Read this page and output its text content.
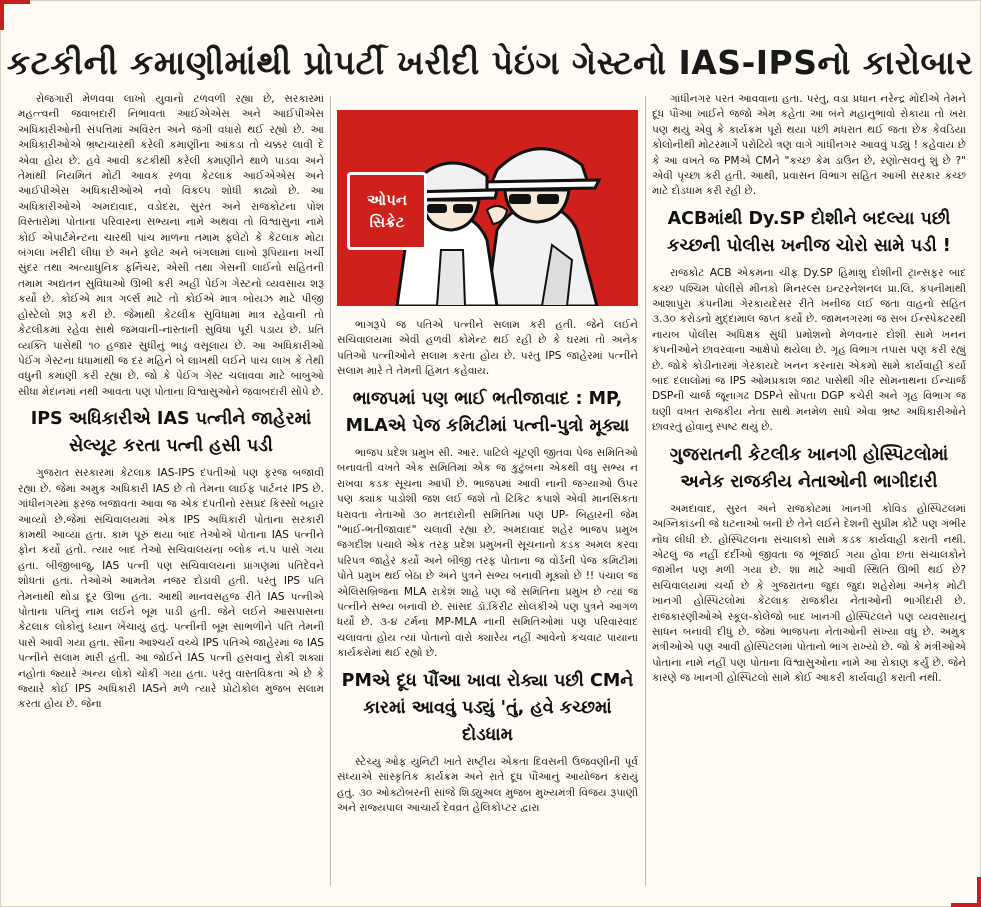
કટકીની કમાણીમાંથી પ્રોપર્ટી ખરીદી પેઇંગ ગેસ્ટનો IAS-IPSનો કારોબાર

રોજગારી મેળવવા લાખો યુવાનો ટળવળી રહ્યા છે, સરકારમાં મહત્ત્વની જવાબદારી નિભાવતા આઈએએસ અને આઈપીએસ અધિકારીઓની સંપત્તિમાં અવિરત અને જંગી વધારો થઈ રહ્યો છે. આ અધિકારીઓએ ભ્રષ્ટાચારથી કરેલી કમાણીના આંકડા તો ચક્કર લાવી દે એવા હોય છે. હવે આવી કટકીથી કરેલી કમાણીને થાળે પાડવા અને તેમાંથી નિયમિત મોટી આવક રળવા કેટલાક આઈએએસ અને આઈપીએસ અધિકારીઓએ નવો વિકલ્પ શોધી કાઢ્યો છે. આ અધિકારીઓએ અમદાવાદ, વડોદરા, સુરત અને રાજકોટના પોશ વિસ્તારોમાં પોતાના પરિવારના સભ્યના નામે અથવા તો વિશ્વાસુના નામે કોઈ એપાર્ટમેન્ટના ચારથી પાંચ માળના તમામ ફ્લેટો કે કેટલાક મોટા બંગલા ખરીદી લીધા છે અને ફ્લેટ અને બંગલામાં લાખો રૂપિયાના ખર્ચી સુંદર તથા અત્યાધુનિક ફર્નિચર, એસી તથા ગેસની લાઈનો સહિતની તમામ અદ્યતન સુવિધાઓ ઊભી કરી અહીં પેઈંગ ગેસ્ટનો વ્યવસાય શરૂ કર્યો છે. કોઈએ માત્ર ગર્લ્સ માટે તો કોઈએ માત્ર બોયઝ માટે પીજી હોસ્ટેલો શરૂ કરી છે. જેમાંથી કેટલીક સુવિધામાં માત્ર રહેવાની તો કેટલીકમાં રહેવા સાથે જમવાની-નાસ્તાની સુવિધા પૂરી પડાય છે. પ્રતિ વ્યક્તિ પાસેથી ૧૦ હજાર સુધીનું ભાડું વસૂલાય છે. આ અધિકારીઓ પેઈંગ ગેસ્ટના ધંધામાંથી જ દર મહિને બે લાખથી લઈને પાંચ લાખ કે તેથી વધુની કમાણી કરી રહ્યા છે. જો કે પેઈંગ ગેસ્ટ ચલાવવા માટે બાબુઓ સીધા મેદાનમાં નથી આવતા પણ પોતાના વિશ્વાસુઓને જવાબદારી સોંપે છે.

IPS અધિકારીએ IAS પત્નીને જાહેરમાં સેલ્યૂટ કરતા પત્ની હસી પડી

ગુજરાત સરકારમાં કેટલાક IAS-IPS દંપતીઓ પણ ફરજ બજાવી રહ્યાં છે. જેમાં અમુક અધિકારી IAS છે તો તેમના લાઈફ પાર્ટનર IPS છે. ગાંધીનગરમાં ફરજ બજાવતા આવા જ એક દંપતીનો રસપ્રદ કિસ્સો બહાર આવ્યો છે.જેમાં સચિવાલયમાં એક IPS અધિકારી પોતાના સરકારી કામથી આવ્યા હતા. કામ પૂરું થયા બાદ તેઓએ પોતાના IAS પત્નીને ફોન કર્યો હતો. ત્યાર બાદ તેઓ સચિવાલયના બ્લોક નં.પ પાસે ગયા હતા. બીજીબાજુ, IAS પત્ની પણ સચિવાલયનાં પ્રાંગણમાં પતિદેવને શોધતાં હતાં. તેઓએ આમતેમ નજર દોડાવી હતી. પરંતુ IPS પતિ તેમનાથી થોડા દૂર ઊભા હતા. આથી માનવસહજ રીતે IAS પત્નીએ પોતાના પતિનું નામ લઈને બૂમ પાડી હતી. જેને લઈને આસપાસના કેટલાક લોકોનું ધ્યાન ખેંચાયું હતું. પત્નીની બૂમ સાંભળીને પતિ તેમની પાસે આવી ગયા હતા. સૌના આશ્ચર્ય વચ્ચે IPS પતિએ જાહેરમાં જ IAS પત્નીને સલામ મારી હતી. આ જોઈને IAS પત્ની હસવાનું રોકી શક્યાં નહોતાં જ્યારે અન્ય લોકો ચોંકી ગયા હતા. પરંતુ વાસ્તવિકતા એ છે કે જ્યારે કોઈ IPS અધિકારી IASને મળે ત્યારે પ્રોટોકોલ મુજબ સલામ કરતા હોય છે. જેના

ઓપન
સિક્રેટ

ભાગરૂપે જ પતિએ પત્નીને સલામ કરી હતી. જેને લઈને સચિવાલયમાં એવી હળવી કોમેન્ટ થઈ રહી છે કે ઘરમાં તો અનેક પતિઓ પત્નીઓને સલામ કરતા હોય છે. પરંતુ IPS જાહેરમાં પત્નીને સલામ મારે તે તેમની હિંમત કહેવાય.

ભાજપમાં પણ ભાઈ ભતીજાવાદ : MP, MLAએ પેજ કમિટીમાં પત્ની-પુત્રો મૂક્યા

ભાજપ પ્રદેશ પ્રમુખ સી. આર. પાટિલે ચૂંટણી જીતવા પેજ સમિતિઓ બનાવતી વખતે એક સમિતિમાં એક જ કુટુંબના એકથી વધુ સભ્ય ન રાખવા કડક સૂચના આપી છે. ભાજપમાં આવી નાની જગ્યાઓ ઉપર પણ ક્યાંક પાડોશી જશ લઈ જશે તો ટિકિટ કપાશે એવી માનસિકતા ધરાવતા નેતાઓ ૩૦ મતદારોની સમિતિમાં પણ UP- બિહારની જેમ "ભાઈ-ભતીજાવાદ" ચલાવી રહ્યા છે. અમદાવાદ શહેર ભાજપ પ્રમુખ જગદીશ પંચાલે એક તરફ પ્રદેશ પ્રમુખની સૂચનાનો કડક અમલ કરવા પરિપત્ર જાહેર કર્યો અને બીજી તરફ પોતાના જ વોર્ડની પેજ કમિટીમાં પોતે પ્રમુખ થઈ બેઠા છે અને પુત્રને સભ્ય બનાવી મૂક્યો છે !! પંચાલ જ એલિસબ્રિજના MLA રાકેશ શાહે પણ જે સમિતિના પ્રમુખ છે ત્યાં જ પત્નીને સભ્ય બનાવી છે. સાંસદ ડૉ.કિરીટ સોલંકીએ પણ પુત્રને આગળ ધર્યો છે. ૩-૪ ટર્મના MP-MLA નાની સમિતિઓમાં પણ પરિવારવાદ ચલાવતા હોય ત્યાં પોતાનો વારો ક્યારેય નહીં આવેનો કચવાટ પાયાના કાર્યકરોમાં થઈ રહ્યો છે.

PMએ દૂધ પૌંઆ ખાવા રોક્યા પછી CMને કારમાં આવવું પડ્યું 'તું, હવે કચ્છમાં દોડધામ

સ્ટેચ્યુ ઓફ યુનિટી ખાતે રાષ્ટ્રીય એકતા દિવસની ઉજવણીની પૂર્વ સંધ્યાએ સાંસ્કૃતિક કાર્યક્રમ અને રાતે દૂધ પૌંઆનું આયોજન કરાયું હતું. ૩૦ ઓક્ટોબરની સાંજે શિડ્યુઅલ મુજબ મુખ્યમંત્રી વિજય રૂપાણી અને રાજ્યપાલ આચાર્ય દેવવ્રત હેલિકોપ્ટર દ્વારા

ગાંધીનગર પરત આવવાના હતા. પરંતુ, વડા પ્રધાન નરેન્દ્ર મોદીએ તેમને દૂધ પૌંઆ ખાઈને જજો એમ કહેતા આ બંને મહાનુભાવો રોકાયા તો ખરા પણ થયું એવું કે કાર્યક્રમ પૂરો થયા પછી મધરાત થઈ જતા છેક કેવડિયા કોલોનીથી મોટરમાર્ગે પરોઢિયે ત્રણ વાગે ગાંધીનગર આવવું પડ્યું ! કહેવાય છે કે આ વખતે જ PMએ CMને "કચ્છ કેમ ડાઉન છે, રણોત્સવનું શું છે ?" એવી પૃચ્છા કરી હતી. આથી, પ્રવાસન વિભાગ સહિત આખી સરકાર કચ્છ માટે દોડધામ કરી રહી છે.

ACBમાંથી Dy.SP દોશીને બદલ્યા પછી કચ્છની પોલીસ ખનીજ ચોરો સામે પડી !

રાજકોટ ACB એકમના ચીફ Dy.SP હિમાંશુ દોશીની ટ્રાન્સફર બાદ કચ્છ પશ્ચિમ પોલીસે મીનકો મિનરલ્સ ઇન્ટરનેશનલ પ્રા.લિ. કંપનીમાંથી આશાપુરા કંપનીમાં ગેરકાયદેસર રીતે ખનીજ લઈ જતા વાહનો સહિત ૩.૩૦ કરોડનો મુદ્દામાલ જપ્ત કર્યો છે. જામનગરમાં જ સબ ઈન્સ્પેક્ટરથી નાયબ પોલીસ અધિક્ષક સુધી પ્રમોશનો મેળવનાર દોશી સામે ખનન કંપનીઓને છાવરવાના આક્ષેપો થયેલા છે. ગૃહ વિભાગ તપાસ પણ કરી રહ્યું છે. જોકે કોડીનારમાં ગેરકાયદે ખનન કરનારા એકમો સામે કાર્યવાહી કર્યા બાદ દલાલોમાં જ IPS ઓમપ્રકાશ જાટ પાસેથી ગીર સોમનાથના ઈન્ચાર્જ DSPની ચાર્જ જૂનાગઢ DSPને સોંપતા DGP કચેરી અને ગૃહ વિભાગ જ ઘણી વખત રાજકીય નેતા સાથે મનમેળ સાધે એવા ભ્રષ્ટ અધિકારીઓને છાવરતું હોવાનું સ્પષ્ટ થયું છે.

ગુજરાતની કેટલીક ખાનગી હોસ્પિટલોમાં અનેક રાજકીય નેતાઓની ભાગીદારી

અમદાવાદ, સુરત અને રાજકોટમાં ખાનગી કોવિડ હોસ્પિટલમાં અગ્નિકાંડની જે ઘટનાઓ બની છે તેને લઈને દેશની સુપ્રીમ કોર્ટે પણ ગંભીર નોંધ લીધી છે. હોસ્પિટલના સંચાલકો સામે કડક કાર્યવાહી કરાતી નથી. એટલું જ નહીં દર્દીઓ જીવતા જ ભૂંજાઈ ગયા હોવા છતાં સંચાલકોને જામીન પણ મળી ગયા છે. શા માટે આવી સ્થિતિ ઊભી થઈ છે? સચિવાલયમાં ચર્ચા છે કે ગુજરાતના જુદા જુદા શહેરોમાં અનેક મોટી ખાનગી હોસ્પિટલોમાં કેટલાક રાજકીય નેતાઓની ભાગીદારી છે. રાજકારણીઓએ સ્કૂલ-કોલેજો બાદ ખાનગી હોસ્પિટલને પણ વ્યવસાયનું સાધન બનાવી દીધું છે. જેમાં ભાજપના નેતાઓની સંખ્યા વધુ છે. અમુક મંત્રીઓએ પણ આવી હોસ્પિટલમાં પોતાનો ભાગ રાખ્યો છે. જો કે મંત્રીઓએ પોતાના નામે નહીં પણ પોતાના વિશ્વાસુઓના નામે આ રોકાણ કર્યું છે. જેને કારણે જ ખાનગી હોસ્પિટલો સામે કોઈ આકરી કાર્યવાહી કરાતી નથી.
